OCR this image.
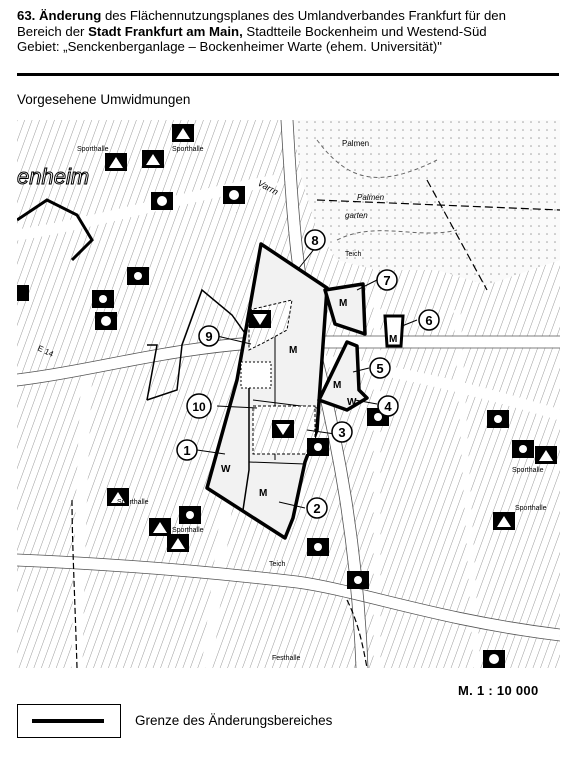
63. Änderung des Flächennutzungsplanes des Umlandverbandes Frankfurt für den
Bereich der Stadt Frankfurt am Main, Stadtteile Bockenheim und Westend-Süd
Gebiet: „Senckenberganlage – Bockenheimer Warte (ehem. Universität)"
Vorgesehene Umwidmungen
M
M
M
W
W
M
M
enheim
Palmen
Palmen
garten
Teich
Sporthalle	Sporthalle
Sporthalle
Sporthalle
Sporthalle
Sporthalle
Festhalle
Teich
E 14
Varrn
1
2
3
4
5
6
7
8
9
10
M. 1 : 10 000
Grenze des Änderungsbereiches
